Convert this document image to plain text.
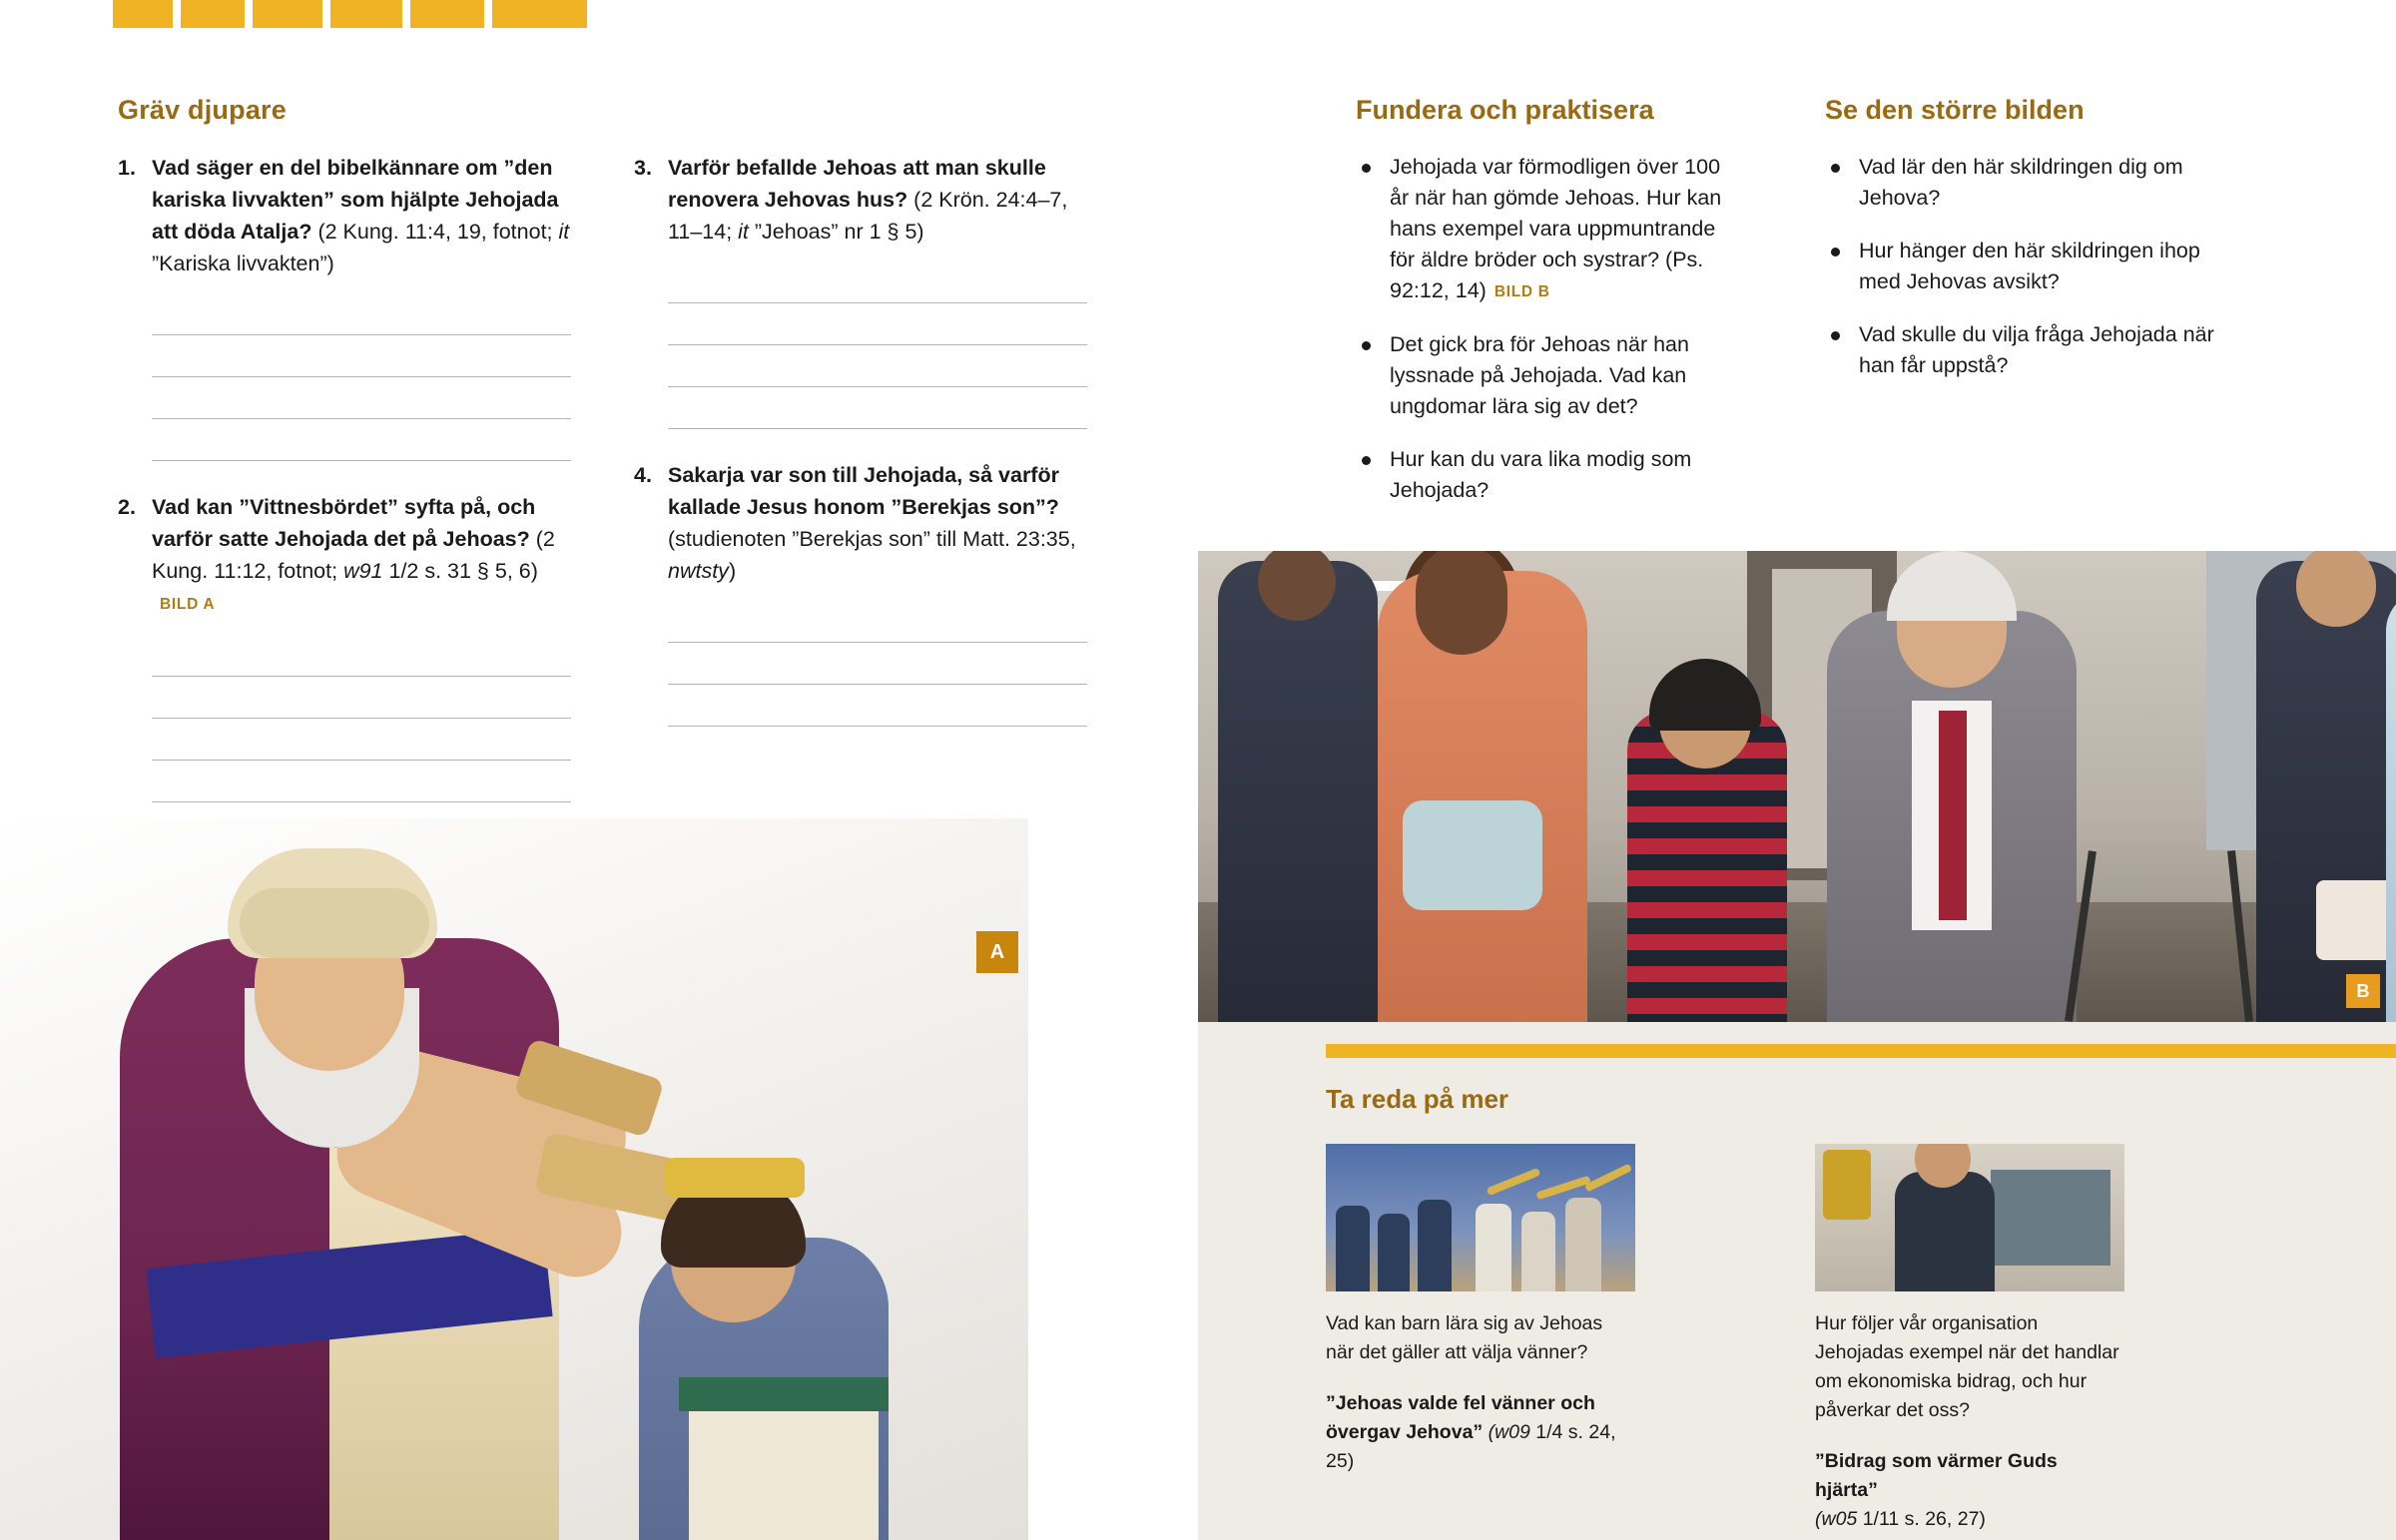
Gräv djupare
1. Vad säger en del bibelkännare om ”den kariska livvakten” som hjälpte Jehojada att döda Atalja? (2 Kung. 11:4, 19, fotnot; it ”Kariska livvakten”)
2. Vad kan ”Vittnesbördet” syfta på, och varför satte Jehojada det på Jehoas? (2 Kung. 11:12, fotnot; w91 1/2 s. 31 § 5, 6)BILD A
3. Varför befallde Jehoas att man skulle renovera Jehovas hus? (2 Krön. 24:4–7, 11–14; it ”Jehoas” nr 1 § 5)
4. Sakarja var son till Jehojada, så varför kallade Jesus honom ”Berekjas son”? (studienoten ”Berekjas son” till Matt. 23:35, nwtsty)
Fundera och praktisera
Jehojada var förmodligen över 100 år när han gömde Jehoas. Hur kan hans exempel vara uppmuntrande för äldre bröder och systrar? (Ps. 92:12, 14) BILD B
Det gick bra för Jehoas när han lyssnade på Jehojada. Vad kan ungdomar lära sig av det?
Hur kan du vara lika modig som Jehojada?
Se den större bilden
Vad lär den här skildringen dig om Jehova?
Hur hänger den här skildringen ihop med Jehovas avsikt?
Vad skulle du vilja fråga Jehojada när han får uppstå?
B
Ta reda på mer

Vad kan barn lära sig av Jehoas när det gäller att välja vänner?

”Jehoas valde fel vänner och övergav Jehova” (w09 1/4 s. 24, 25)

Hur följer vår organisation Jehojadas exempel när det handlar om ekonomiska bidrag, och hur påverkar det oss?

”Bidrag som värmer Guds hjärta”
(w05 1/11 s. 26, 27)

A
